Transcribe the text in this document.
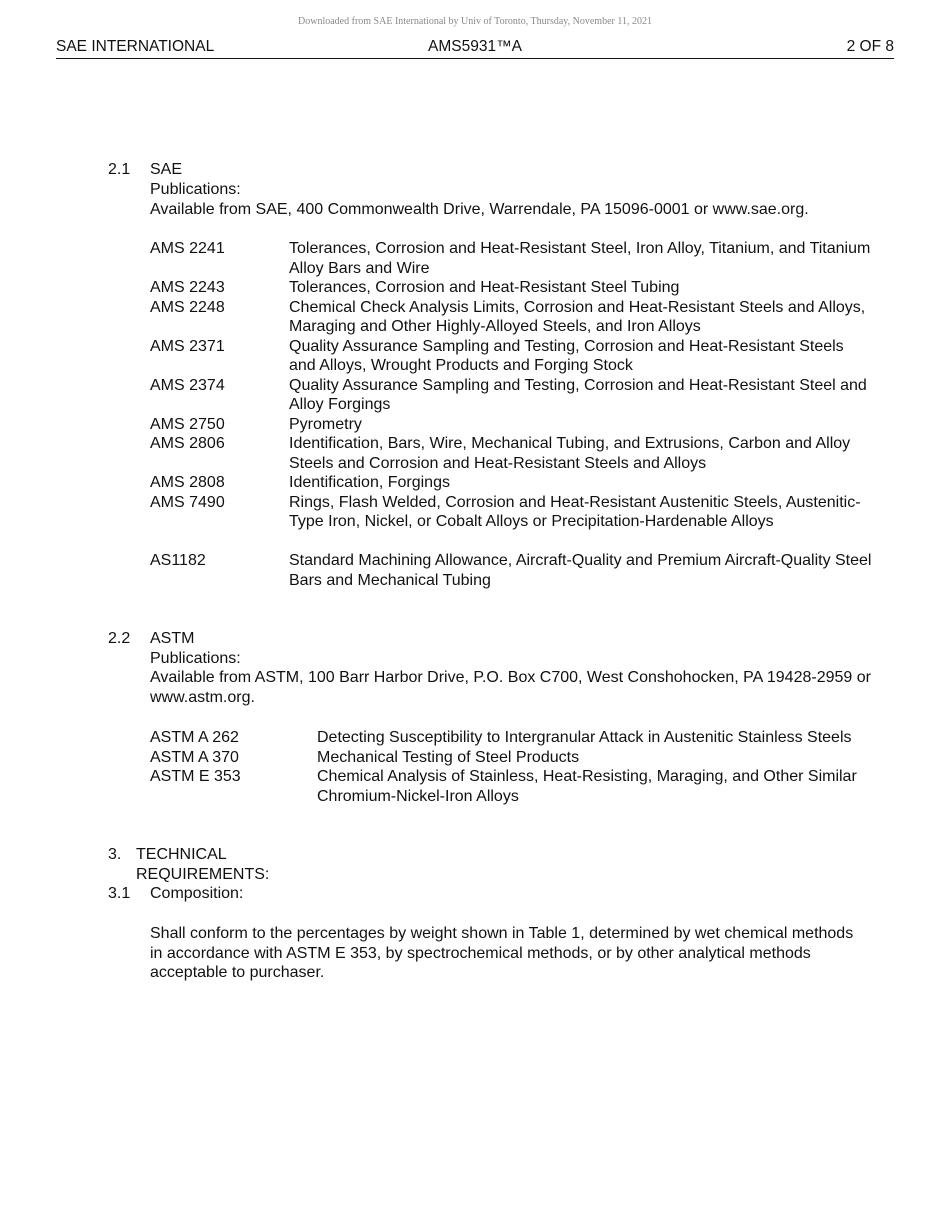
Downloaded from SAE International by Univ of Toronto, Thursday, November 11, 2021
SAE INTERNATIONAL	AMS5931™A	2 OF 8
2.1 SAE Publications:
Available from SAE, 400 Commonwealth Drive, Warrendale, PA 15096-0001 or www.sae.org.
AMS 2241	Tolerances, Corrosion and Heat-Resistant Steel, Iron Alloy, Titanium, and Titanium Alloy Bars and Wire
AMS 2243	Tolerances, Corrosion and Heat-Resistant Steel Tubing
AMS 2248	Chemical Check Analysis Limits, Corrosion and Heat-Resistant Steels and Alloys, Maraging and Other Highly-Alloyed Steels, and Iron Alloys
AMS 2371	Quality Assurance Sampling and Testing, Corrosion and Heat-Resistant Steels and Alloys, Wrought Products and Forging Stock
AMS 2374	Quality Assurance Sampling and Testing, Corrosion and Heat-Resistant Steel and Alloy Forgings
AMS 2750	Pyrometry
AMS 2806	Identification, Bars, Wire, Mechanical Tubing, and Extrusions, Carbon and Alloy Steels and Corrosion and Heat-Resistant Steels and Alloys
AMS 2808	Identification, Forgings
AMS 7490	Rings, Flash Welded, Corrosion and Heat-Resistant Austenitic Steels, Austenitic-Type Iron, Nickel, or Cobalt Alloys or Precipitation-Hardenable Alloys
AS1182	Standard Machining Allowance, Aircraft-Quality and Premium Aircraft-Quality Steel Bars and Mechanical Tubing
2.2 ASTM Publications:
Available from ASTM, 100 Barr Harbor Drive, P.O. Box C700, West Conshohocken, PA 19428-2959 or www.astm.org.
ASTM A 262	Detecting Susceptibility to Intergranular Attack in Austenitic Stainless Steels
ASTM A 370	Mechanical Testing of Steel Products
ASTM E 353	Chemical Analysis of Stainless, Heat-Resisting, Maraging, and Other Similar Chromium-Nickel-Iron Alloys
3. TECHNICAL REQUIREMENTS:
3.1 Composition:
Shall conform to the percentages by weight shown in Table 1, determined by wet chemical methods in accordance with ASTM E 353, by spectrochemical methods, or by other analytical methods acceptable to purchaser.
